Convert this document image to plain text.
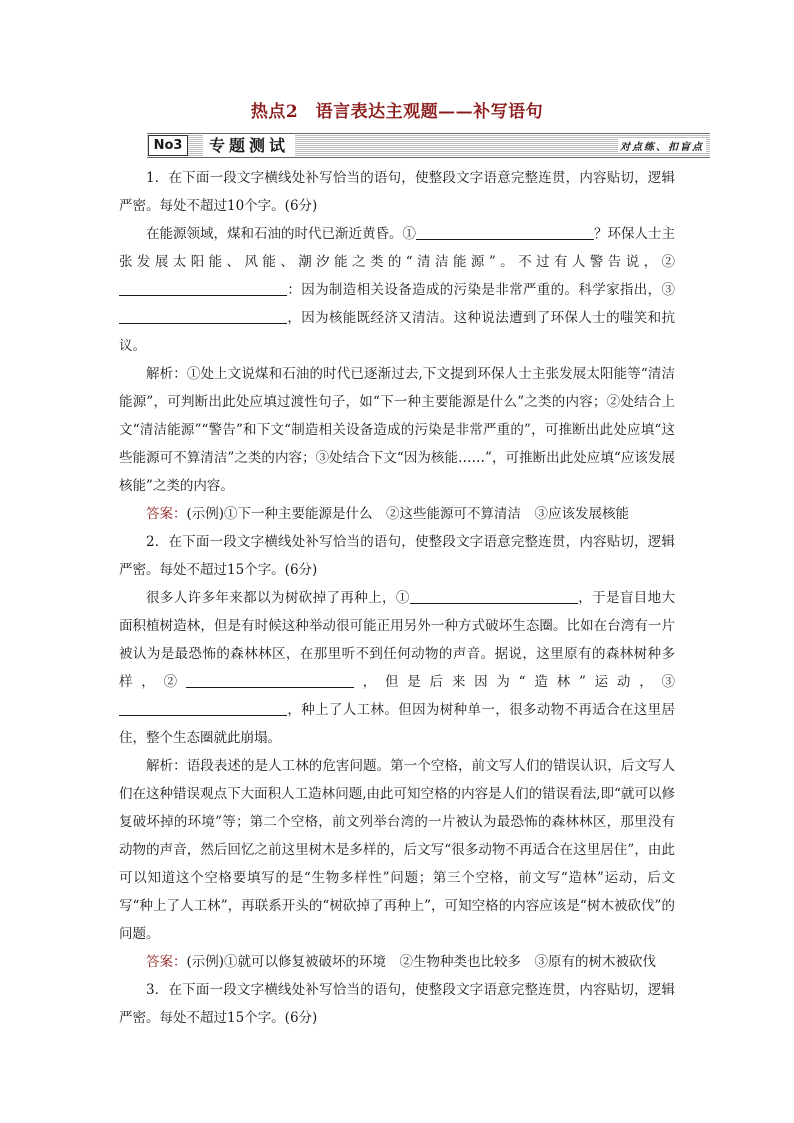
热点2　语言表达主观题——补写语句
No3	专题测试	对点练、扣盲点

1．在下面一段文字横线处补写恰当的语句，使整段文字语意完整连贯，内容贴切，逻辑严密。每处不超过10个字。(6分)

在能源领域，煤和石油的时代已渐近黄昏。①	？环保人士主张发展太阳能、风能、潮汐能之类的“清洁能源”。不过有人警告说，②：因为制造相关设备造成的污染是非常严重的。科学家指出，③，因为核能既经济又清洁。这种说法遭到了环保人士的嗤笑和抗议。

解析：①处上文说煤和石油的时代已逐渐过去,下文提到环保人士主张发展太阳能等“清洁能源”，可判断出此处应填过渡性句子，如“下一种主要能源是什么”之类的内容；②处结合上文“清洁能源”“警告”和下文“制造相关设备造成的污染是非常严重的”，可推断出此处应填“这些能源可不算清洁”之类的内容；③处结合下文“因为核能……”，可推断出此处应填“应该发展核能”之类的内容。

答案：(示例)①下一种主要能源是什么　②这些能源可不算清洁　③应该发展核能

2．在下面一段文字横线处补写恰当的语句，使整段文字语意完整连贯，内容贴切，逻辑严密。每处不超过15个字。(6分)

很多人许多年来都以为树砍掉了再种上，①	，于是盲目地大面积植树造林，但是有时候这种举动很可能正用另外一种方式破坏生态圈。比如在台湾有一片被认为是最恐怖的森林林区，在那里听不到任何动物的声音。据说，这里原有的森林树种多样，②	，但是后来因为“造林”运动，③，种上了人工林。但因为树种单一，很多动物不再适合在这里居住，整个生态圈就此崩塌。

解析：语段表述的是人工林的危害问题。第一个空格，前文写人们的错误认识，后文写人们在这种错误观点下大面积人工造林问题,由此可知空格的内容是人们的错误看法,即“就可以修复破坏掉的环境”等；第二个空格，前文列举台湾的一片被认为最恐怖的森林林区，那里没有动物的声音，然后回忆之前这里树木是多样的，后文写“很多动物不再适合在这里居住”，由此可以知道这个空格要填写的是“生物多样性”问题；第三个空格，前文写“造林”运动，后文写“种上了人工林”，再联系开头的“树砍掉了再种上”，可知空格的内容应该是“树木被砍伐”的问题。

答案：(示例)①就可以修复被破坏的环境　②生物种类也比较多　③原有的树木被砍伐

3．在下面一段文字横线处补写恰当的语句，使整段文字语意完整连贯，内容贴切，逻辑严密。每处不超过15个字。(6分)
